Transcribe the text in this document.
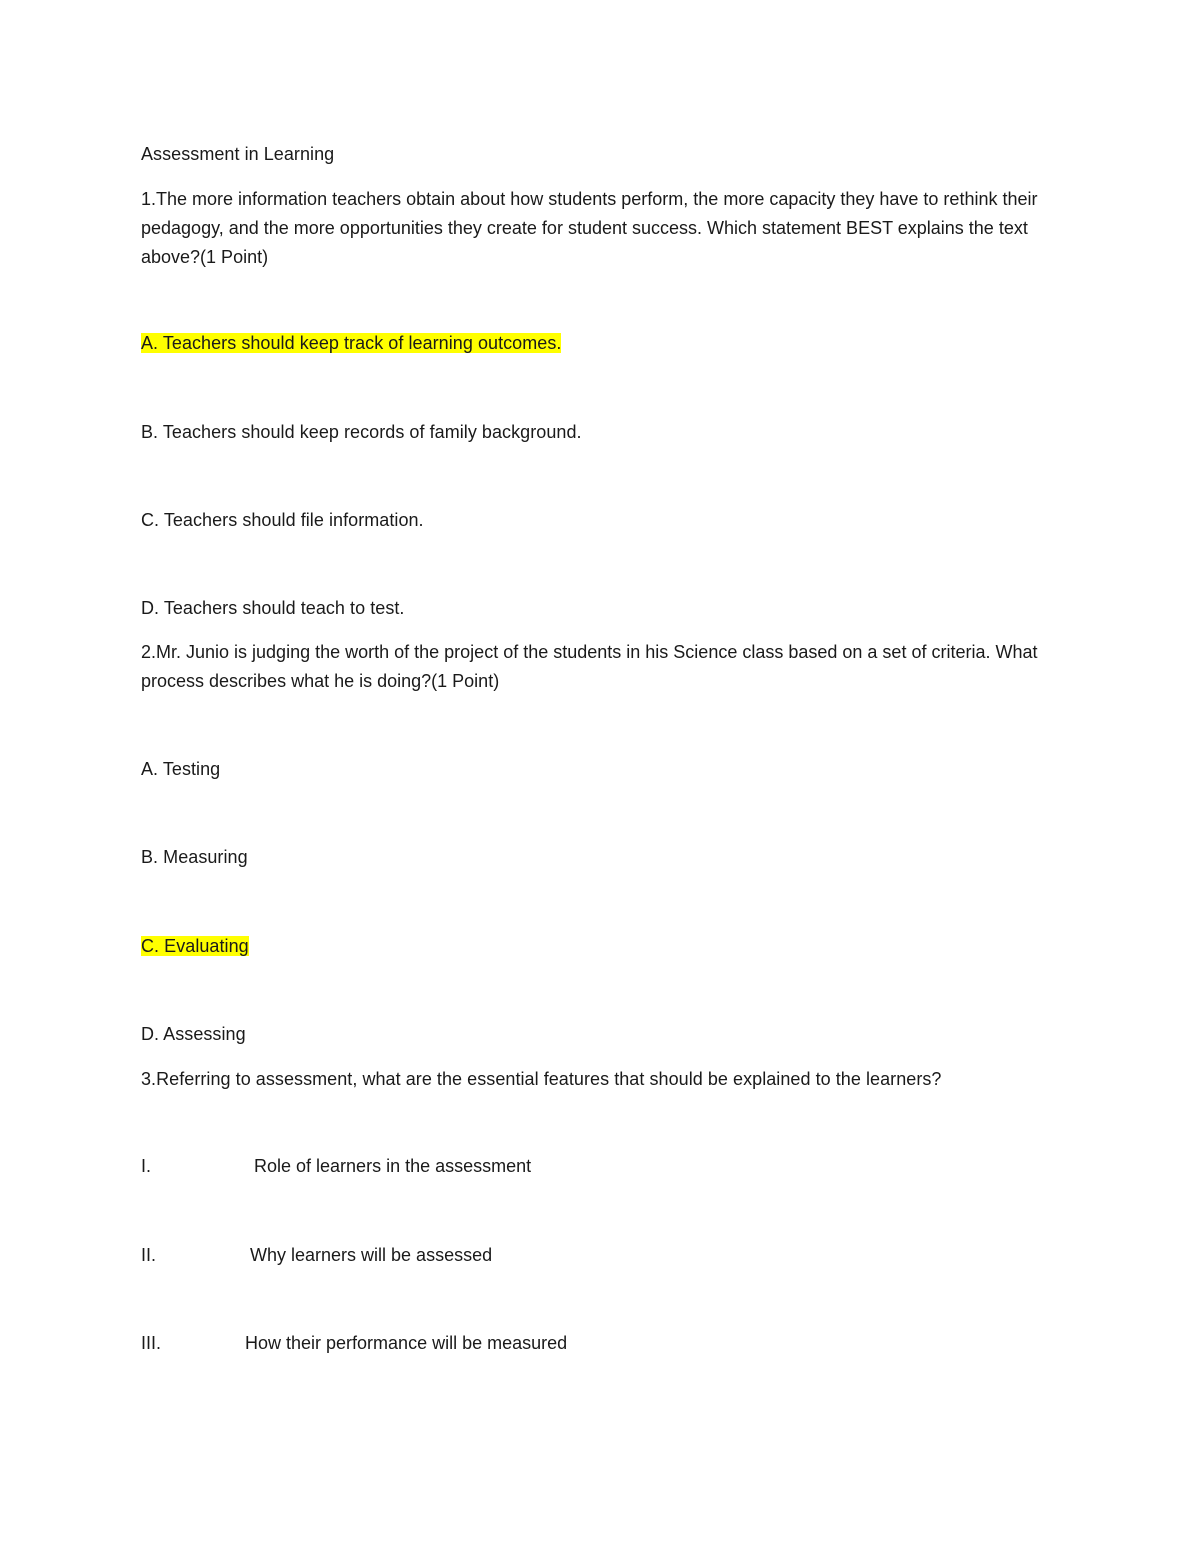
Assessment in Learning
1.The more information teachers obtain about how students perform, the more capacity they have to rethink their pedagogy, and the more opportunities they create for student success. Which statement BEST explains the text above?(1 Point)
A. Teachers should keep track of learning outcomes.
B. Teachers should keep records of family background.
C. Teachers should file information.
D. Teachers should teach to test.
2.Mr. Junio is judging the worth of the project of the students in his Science class based on a set of criteria. What process describes what he is doing?(1 Point)
A. Testing
B. Measuring
C. Evaluating
D. Assessing
3.Referring to assessment, what are the essential features that should be explained to the learners?
I.	Role of learners in the assessment
II.	Why learners will be assessed
III.	How their performance will be measured
